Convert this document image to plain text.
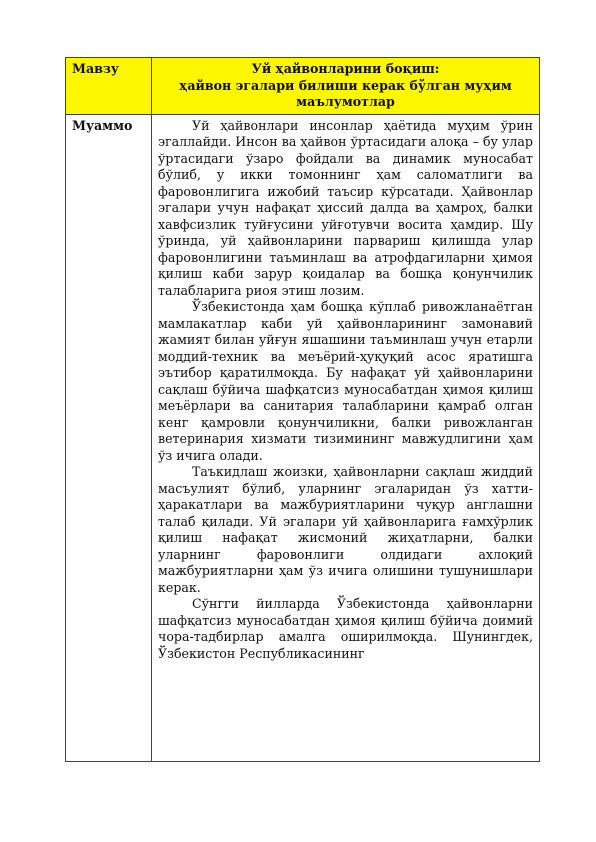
Мавзу	Уй ҳайвонларини боқиш:
ҳайвон эгалари билиши керак бўлган муҳим маълумотлар

Муаммо	Уй ҳайвонлари инсонлар ҳаётида муҳим ўрин эгаллайди. Инсон ва ҳайвон ўртасидаги алоқа – бу улар ўртасидаги ўзаро фойдали ва динамик муносабат бўлиб, у икки томоннинг ҳам саломатлиги ва фаровонлигига ижобий таъсир кўрсатади. Ҳайвонлар эгалари учун нафақат ҳиссий далда ва ҳамроҳ, балки хавфсизлик туйғусини уйғотувчи восита ҳамдир. Шу ўринда, уй ҳайвонларини парвариш қилишда улар фаровонлигини таъминлаш ва атрофдагиларни ҳимоя қилиш каби зарур қоидалар ва бошқа қонунчилик талабларига риоя этиш лозим.

Ўзбекистонда ҳам бошқа кўплаб ривожланаётган мамлакатлар каби уй ҳайвонларининг замонавий жамият билан уйғун яшашини таъминлаш учун етарли моддий-техник ва меъёрий-ҳуқуқий асос яратишга эътибор қаратилмоқда. Бу нафақат уй ҳайвонларини сақлаш бўйича шафқатсиз муносабатдан ҳимоя қилиш меъёрлари ва санитария талабларини қамраб олган кенг қамровли қонунчиликни, балки ривожланган ветеринария хизмати тизимининг мавжудлигини ҳам ўз ичига олади.

Таъкидлаш жоизки, ҳайвонларни сақлаш жиддий масъулият бўлиб, уларнинг эгаларидан ўз хатти-ҳаракатлари ва мажбуриятларини чуқур англашни талаб қилади. Уй эгалари уй ҳайвонларига ғамхўрлик қилиш нафақат жисмоний жиҳатларни, балки уларнинг фаровонлиги олдидаги ахлоқий мажбуриятларни ҳам ўз ичига олишини тушунишлари керак.

Сўнгги йилларда Ўзбекистонда ҳайвонларни шафқатсиз муносабатдан ҳимоя қилиш бўйича доимий чора-тадбирлар амалга оширилмоқда. Шунингдек, Ўзбекистон Республикасининг
